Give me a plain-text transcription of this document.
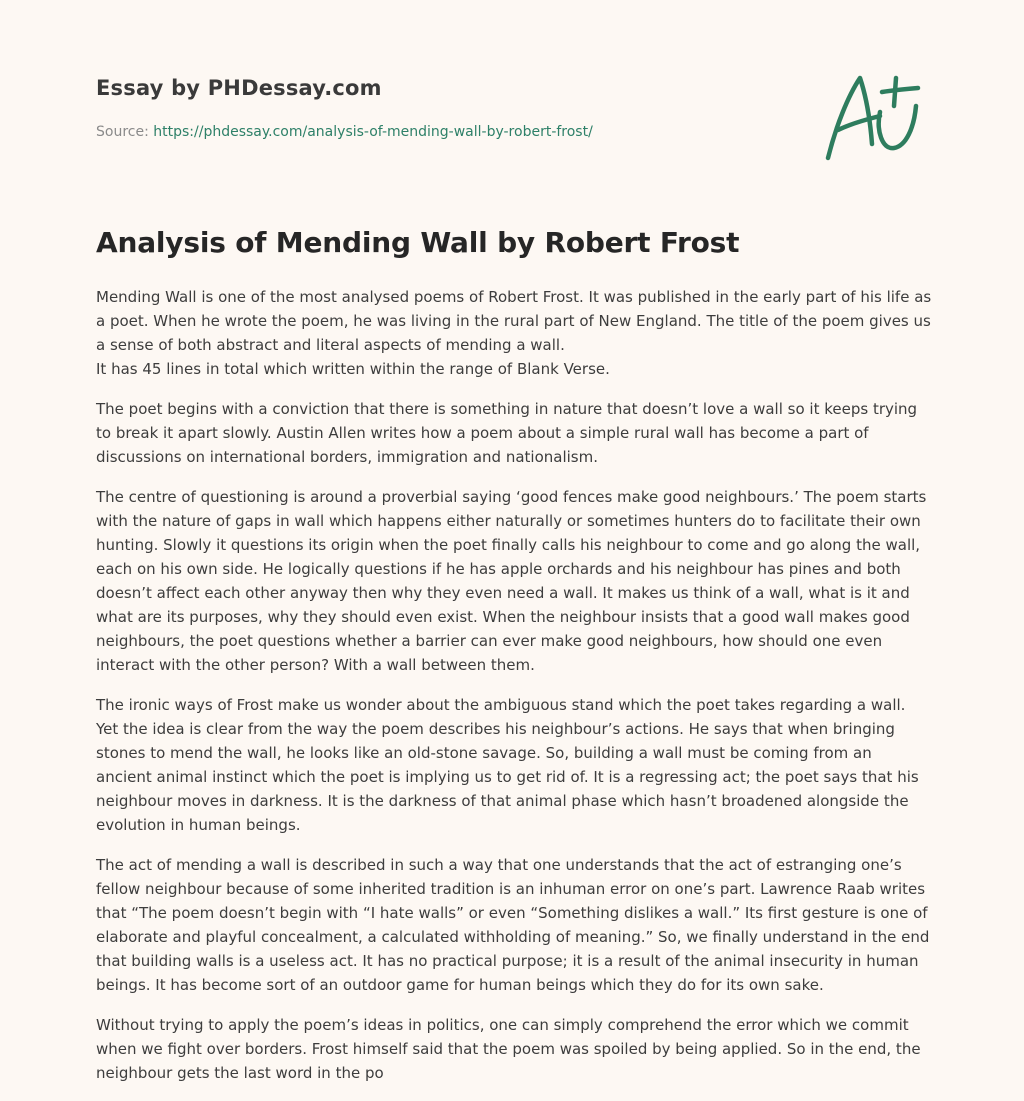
Essay by PHDessay.com
Source: https://phdessay.com/analysis-of-mending-wall-by-robert-frost/
Analysis of Mending Wall by Robert Frost

Mending Wall is one of the most analysed poems of Robert Frost. It was published in the early part of his life as a poet. When he wrote the poem, he was living in the rural part of New England. The title of the poem gives us a sense of both abstract and literal aspects of mending a wall.
It has 45 lines in total which written within the range of Blank Verse.

The poet begins with a conviction that there is something in nature that doesn’t love a wall so it keeps trying to break it apart slowly. Austin Allen writes how a poem about a simple rural wall has become a part of discussions on international borders, immigration and nationalism.

The centre of questioning is around a proverbial saying ‘good fences make good neighbours.’ The poem starts with the nature of gaps in wall which happens either naturally or sometimes hunters do to facilitate their own hunting. Slowly it questions its origin when the poet finally calls his neighbour to come and go along the wall, each on his own side. He logically questions if he has apple orchards and his neighbour has pines and both doesn’t affect each other anyway then why they even need a wall. It makes us think of a wall, what is it and what are its purposes, why they should even exist. When the neighbour insists that a good wall makes good neighbours, the poet questions whether a barrier can ever make good neighbours, how should one even interact with the other person? With a wall between them.

The ironic ways of Frost make us wonder about the ambiguous stand which the poet takes regarding a wall. Yet the idea is clear from the way the poem describes his neighbour’s actions. He says that when bringing stones to mend the wall, he looks like an old-stone savage. So, building a wall must be coming from an ancient animal instinct which the poet is implying us to get rid of. It is a regressing act; the poet says that his neighbour moves in darkness. It is the darkness of that animal phase which hasn’t broadened alongside the evolution in human beings.

The act of mending a wall is described in such a way that one understands that the act of estranging one’s fellow neighbour because of some inherited tradition is an inhuman error on one’s part. Lawrence Raab writes that “The poem doesn’t begin with “I hate walls” or even “Something dislikes a wall.” Its first gesture is one of elaborate and playful concealment, a calculated withholding of meaning.” So, we finally understand in the end that building walls is a useless act. It has no practical purpose; it is a result of the animal insecurity in human beings. It has become sort of an outdoor game for human beings which they do for its own sake.

Without trying to apply the poem’s ideas in politics, one can simply comprehend the error which we commit when we fight over borders. Frost himself said that the poem was spoiled by being applied. So in the end, the neighbour gets the last word in the po
